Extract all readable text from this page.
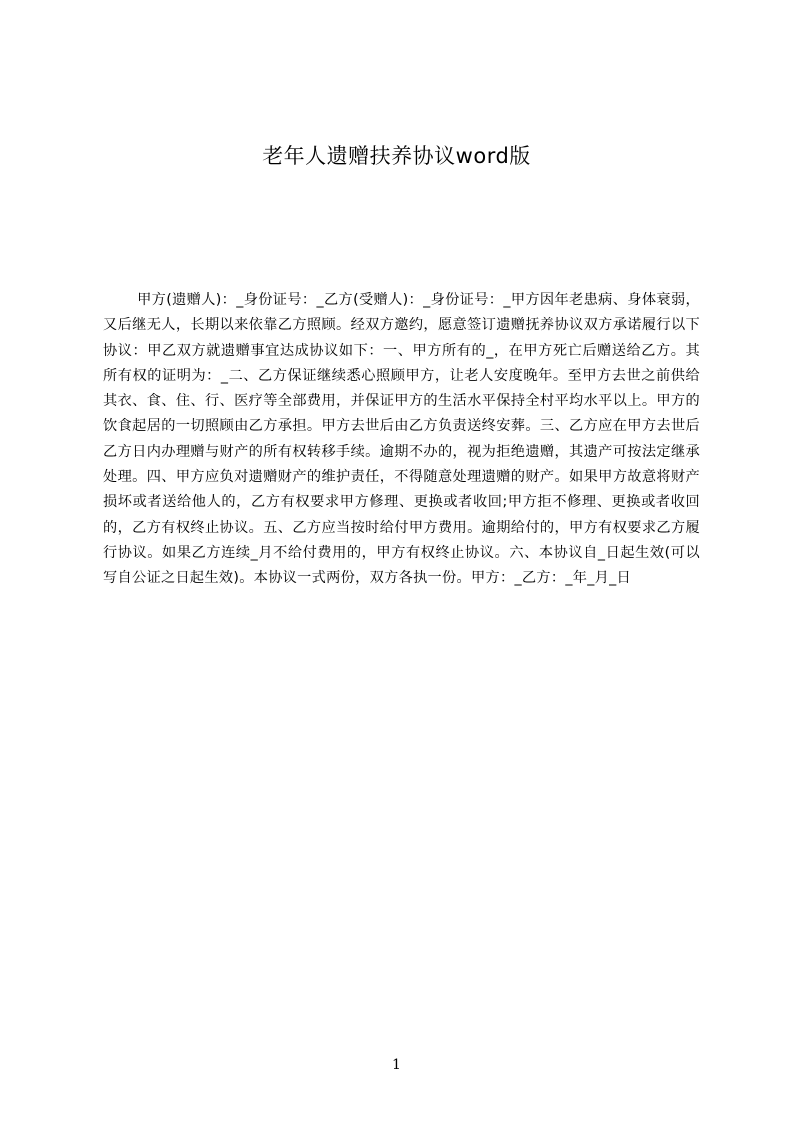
老年人遗赠扶养协议word版

甲方(遗赠人)：_身份证号：_乙方(受赠人)：_身份证号：_甲方因年老患病、身体衰弱，又后继无人，长期以来依靠乙方照顾。经双方邀约，愿意签订遗赠抚养协议双方承诺履行以下协议：甲乙双方就遗赠事宜达成协议如下：一、甲方所有的_，在甲方死亡后赠送给乙方。其所有权的证明为：_二、乙方保证继续悉心照顾甲方，让老人安度晚年。至甲方去世之前供给其衣、食、住、行、医疗等全部费用，并保证甲方的生活水平保持全村平均水平以上。甲方的饮食起居的一切照顾由乙方承担。甲方去世后由乙方负责送终安葬。三、乙方应在甲方去世后乙方日内办理赠与财产的所有权转移手续。逾期不办的，视为拒绝遗赠，其遗产可按法定继承处理。四、甲方应负对遗赠财产的维护责任，不得随意处理遗赠的财产。如果甲方故意将财产损坏或者送给他人的，乙方有权要求甲方修理、更换或者收回;甲方拒不修理、更换或者收回的，乙方有权终止协议。五、乙方应当按时给付甲方费用。逾期给付的，甲方有权要求乙方履行协议。如果乙方连续_月不给付费用的，甲方有权终止协议。六、本协议自_日起生效(可以写自公证之日起生效)。本协议一式两份，双方各执一份。甲方：_乙方：_年_月_日

1
